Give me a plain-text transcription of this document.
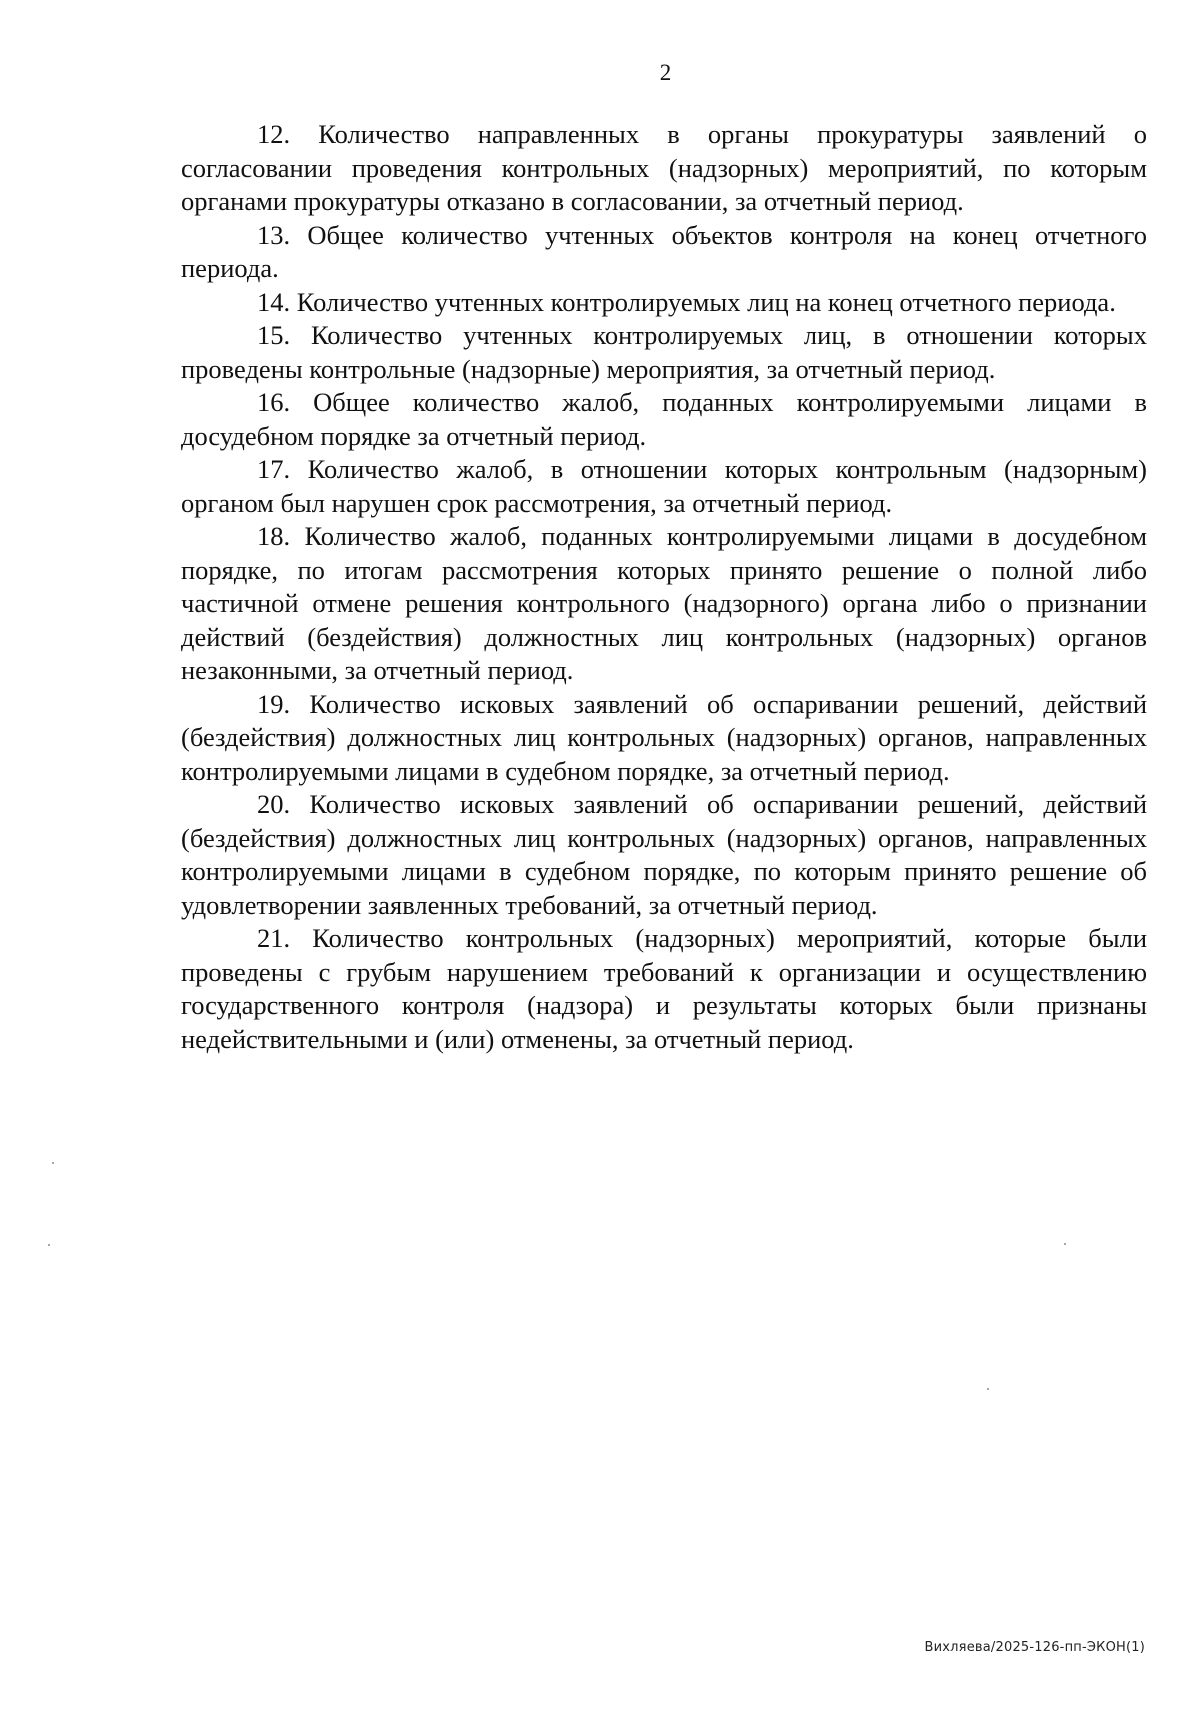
2

12. Количество направленных в органы прокуратуры заявлений о согласовании проведения контрольных (надзорных) мероприятий, по которым органами прокуратуры отказано в согласовании, за отчетный период.

13. Общее количество учтенных объектов контроля на конец отчетного периода.

14. Количество учтенных контролируемых лиц на конец отчетного периода.

15. Количество учтенных контролируемых лиц, в отношении которых проведены контрольные (надзорные) мероприятия, за отчетный период.

16. Общее количество жалоб, поданных контролируемыми лицами в досудебном порядке за отчетный период.

17. Количество жалоб, в отношении которых контрольным (надзорным) органом был нарушен срок рассмотрения, за отчетный период.

18. Количество жалоб, поданных контролируемыми лицами в досудебном порядке, по итогам рассмотрения которых принято решение о полной либо частичной отмене решения контрольного (надзорного) органа либо о признании действий (бездействия) должностных лиц контрольных (надзорных) органов незаконными, за отчетный период.

19. Количество исковых заявлений об оспаривании решений, действий (бездействия) должностных лиц контрольных (надзорных) органов, направленных контролируемыми лицами в судебном порядке, за отчетный период.

20. Количество исковых заявлений об оспаривании решений, действий (бездействия) должностных лиц контрольных (надзорных) органов, направленных контролируемыми лицами в судебном порядке, по которым принято решение об удовлетворении заявленных требований, за отчетный период.

21. Количество контрольных (надзорных) мероприятий, которые были проведены с грубым нарушением требований к организации и осуществлению государственного контроля (надзора) и результаты которых были признаны недействительными и (или) отменены, за отчетный период.

Вихляева/2025-126-пп-ЭКОН(1)
